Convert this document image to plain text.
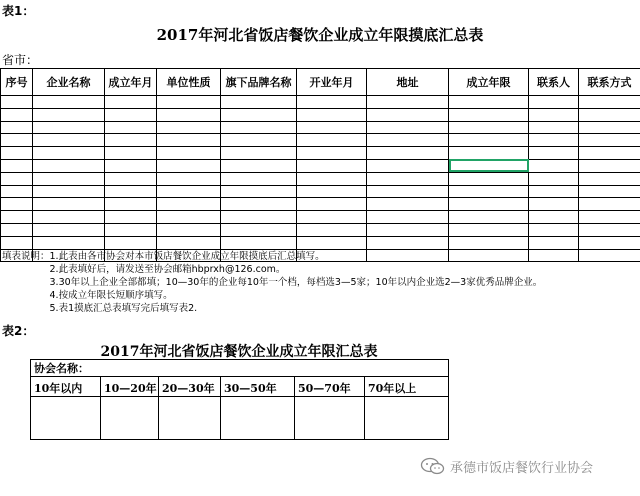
表1：
2017年河北省饭店餐饮企业成立年限摸底汇总表
省市：
序号	企业名称	成立年月	单位性质	旗下品牌名称	开业年月	地址	成立年限	联系人	联系方式

填表说明： 1.此表由各市协会对本市饭店餐饮企业成立年限摸底后汇总填写。
2.此表填好后，请发送至协会邮箱hbprxh@126.com。
3.30年以上企业全部都填；10—30年的企业每10年一个档，每档选3—5家；10年以内企业选2—3家优秀品牌企业。
4.按成立年限长短顺序填写。
5.表1摸底汇总表填写完后填写表2.
表2：
2017年河北省饭店餐饮企业成立年限汇总表
协会名称：					
10年以内	10—20年	20—30年	30—50年	50—70年	70年以上

承德市饭店餐饮行业协会
